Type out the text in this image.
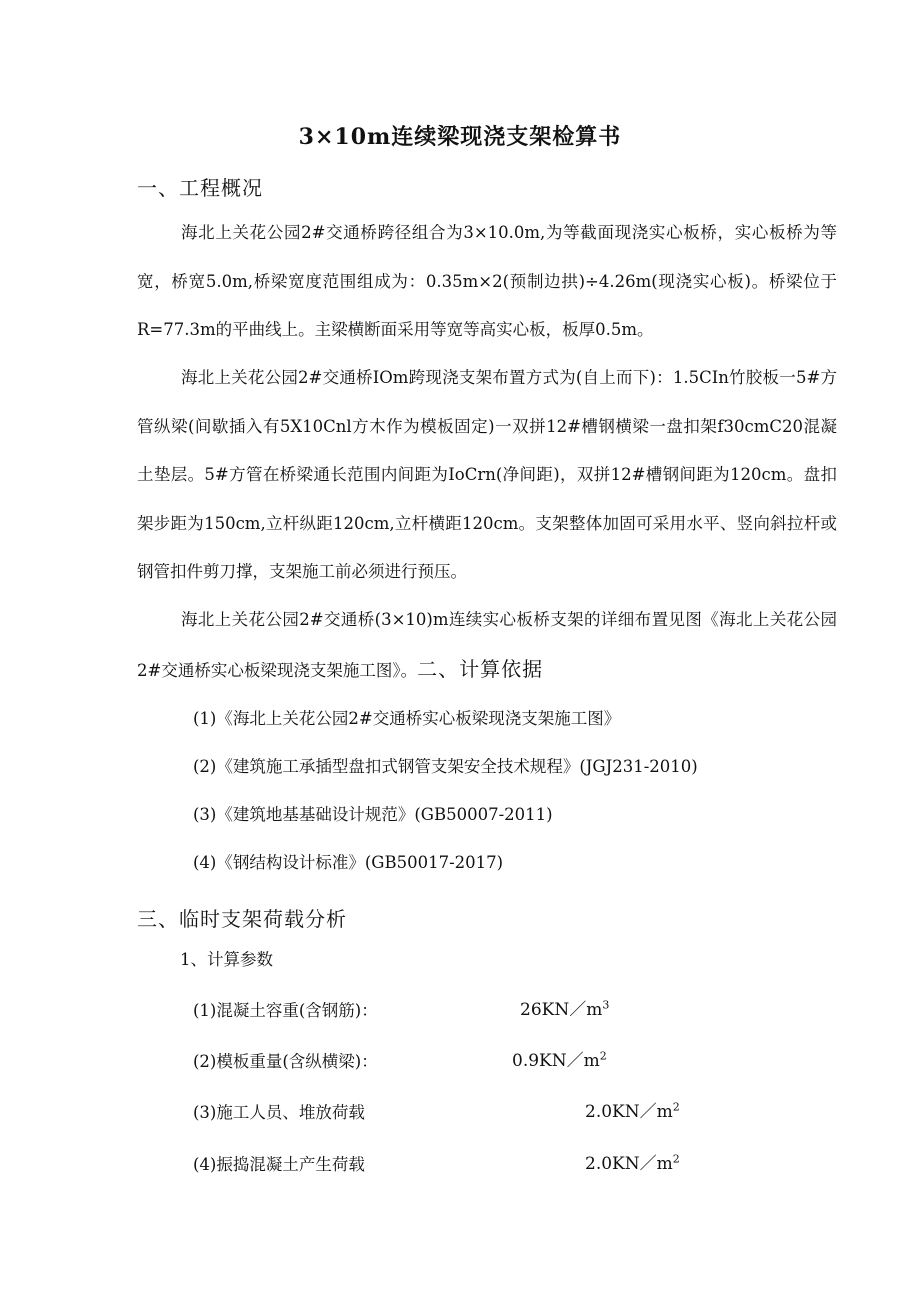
3×10m连续梁现浇支架检算书
一、工程概况

海北上关花公园2#交通桥跨径组合为3×10.0m,为等截面现浇实心板桥，实心板桥为等宽，桥宽5.0m,桥梁宽度范围组成为：0.35m×2(预制边拱)÷4.26m(现浇实心板)。桥梁位于R=77.3m的平曲线上。主梁横断面采用等宽等高实心板，板厚0.5m。

海北上关花公园2#交通桥IOm跨现浇支架布置方式为(自上而下)：1.5CIn竹胶板一5#方管纵梁(间歇插入有5X10Cnl方木作为模板固定)一双拼12#槽钢横梁一盘扣架f30cmC20混凝土垫层。5#方管在桥梁通长范围内间距为IoCrn(净间距)，双拼12#槽钢间距为120cm。盘扣架步距为150cm,立杆纵距120cm,立杆横距120cm。支架整体加固可采用水平、竖向斜拉杆或钢管扣件剪刀撑，支架施工前必须进行预压。

海北上关花公园2#交通桥(3×10)m连续实心板桥支架的详细布置见图《海北上关花公园2#交通桥实心板梁现浇支架施工图》。二、计算依据

(1)《海北上关花公园2#交通桥实心板梁现浇支架施工图》
(2)《建筑施工承插型盘扣式钢管支架安全技术规程》(JGJ231-2010)
(3)《建筑地基基础设计规范》(GB50007-2011)
(4)《钢结构设计标准》(GB50017-2017)
三、临时支架荷载分析
1、计算参数
(1)混凝土容重(含钢筋)：	$26KN/m^3$
(2)模板重量(含纵横梁)：	$0.9KN/m^2$
(3)施工人员、堆放荷载	$2.0KN/m^2$
(4)振捣混凝土产生荷载	$2.0KN/m^2$
